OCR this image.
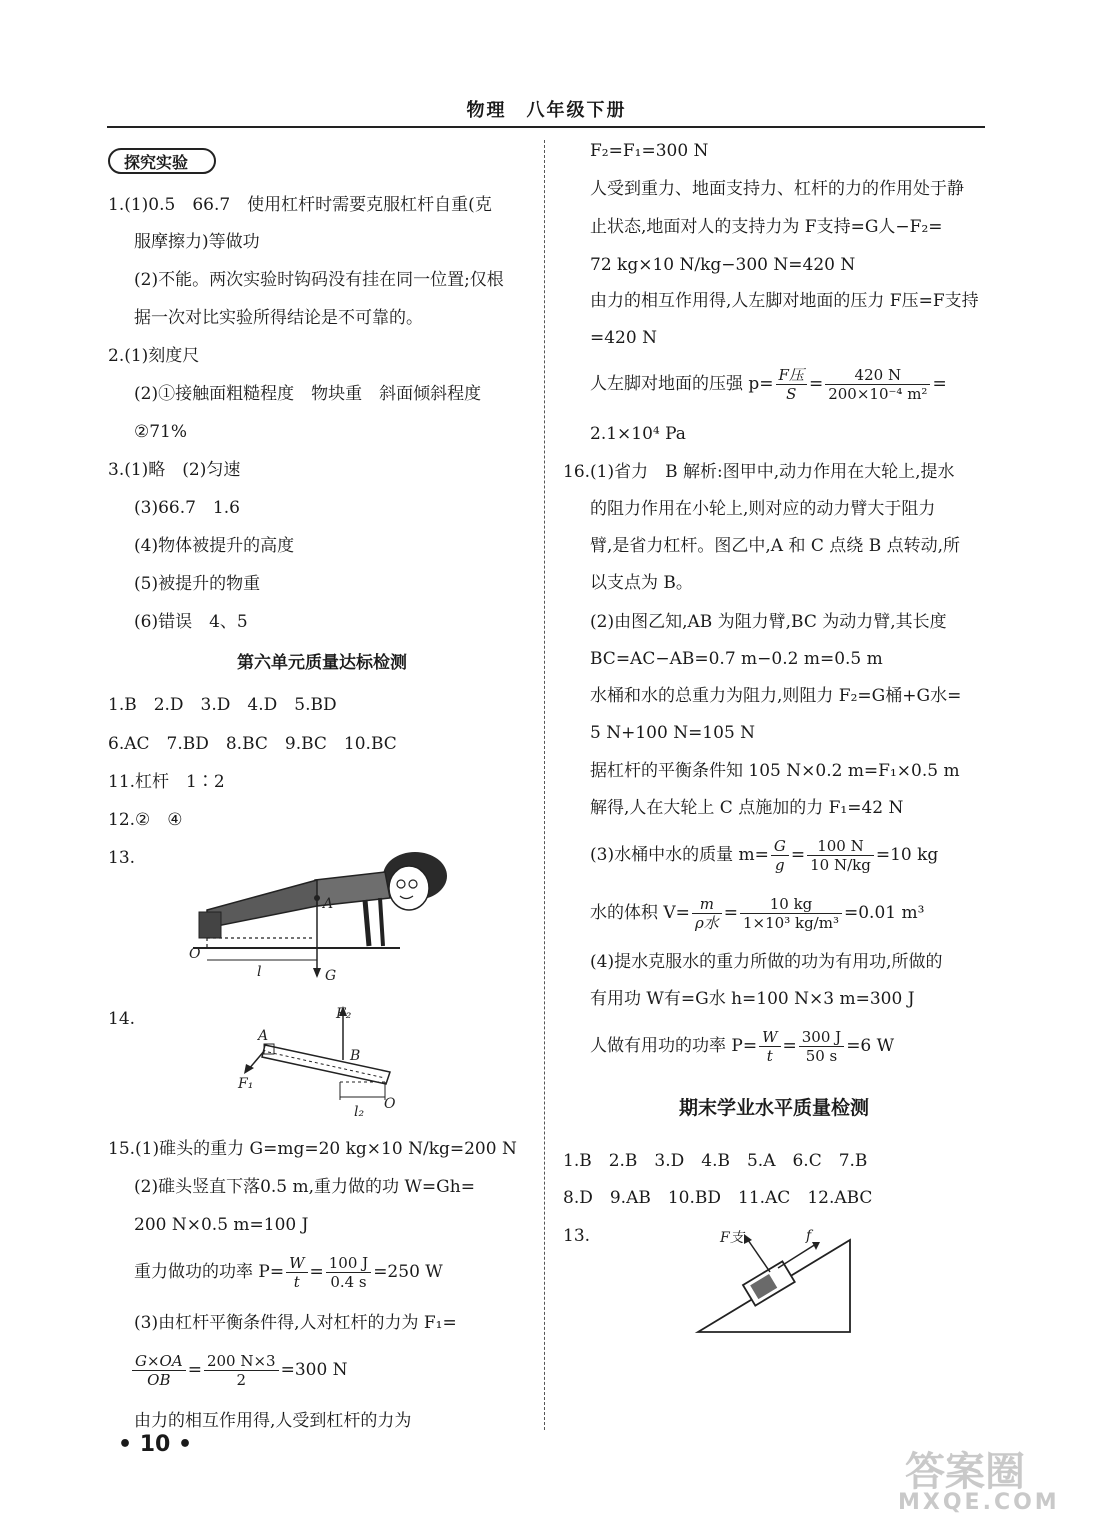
物理　八年级下册
探究实验
1.(1)0.5　66.7　使用杠杆时需要克服杠杆自重(克
服摩擦力)等做功
(2)不能。两次实验时钩码没有挂在同一位置;仅根
据一次对比实验所得结论是不可靠的。
2.(1)刻度尺
(2)①接触面粗糙程度　物块重　斜面倾斜程度
②71%
3.(1)略　(2)匀速
(3)66.7　1.6
(4)物体被提升的高度
(5)被提升的物重
(6)错误　4、5
第六单元质量达标检测
1.B　2.D　3.D　4.D　5.BD
6.AC　7.BD　8.BC　9.BC　10.BC
11.杠杆　1∶2
12.②　④
13.
A
O
l	G
14.
A
B
F₁
F₂
l₂ O
15.(1)碓头的重力 G=mg=20 kg×10 N/kg=200 N
(2)碓头竖直下落0.5 m,重力做的功 W=Gh=
200 N×0.5 m=100 J
重力做功的功率 $P= \frac{W}{t} = \frac{100 J}{0.4 s} =250$ W
(3)由杠杆平衡条件得,人对杠杆的力为 F₁=
$\frac{G\times OA}{OB} = \frac{200 N\times 3}{2} =300$ N
由力的相互作用得,人受到杠杆的力为
F₂=F₁=300 N
人受到重力、地面支持力、杠杆的力的作用处于静
止状态,地面对人的支持力为 F支持=G人−F₂=
72 kg×10 N/kg−300 N=420 N
由力的相互作用得,人左脚对地面的压力 F压=F支持
=420 N
人左脚对地面的压强 $p= \frac{\text{F压}}{S} = \frac{420 N}{\text{200×10⁻⁴ m²}}$ =
2.1×10⁴ Pa
16.(1)省力　B 解析:图甲中,动力作用在大轮上,提水
的阻力作用在小轮上,则对应的动力臂大于阻力
臂,是省力杠杆。图乙中,A 和 C 点绕 B 点转动,所
以支点为 B。
(2)由图乙知,AB 为阻力臂,BC 为动力臂,其长度
BC=AC−AB=0.7 m−0.2 m=0.5 m
水桶和水的总重力为阻力,则阻力 F₂=G桶+G水=
5 N+100 N=105 N
据杠杆的平衡条件知 105 N×0.2 m=F₁×0.5 m
解得,人在大轮上 C 点施加的力 F₁=42 N
(3)水桶中水的质量 $m= \frac{G}{g} = \frac{100 N}{10 N/kg} =10$ kg
水的体积 $V= \frac{m}{\text{ρ水}} = \frac{10 kg}{\text{1×10³ kg/m³}} =0.01$ m³
(4)提水克服水的重力所做的功为有用功,所做的
有用功 W有=G水 h=100 N×3 m=300 J
人做有用功的功率 $P= \frac{W}{t} = \frac{300 J}{50 s} =6$ W
期末学业水平质量检测
1.B　2.B　3.D　4.B　5.A　6.C　7.B
8.D　9.AB　10.BD　11.AC　12.ABC
13.	F支	f
• 10 •
答案圈
MXQE.COM
